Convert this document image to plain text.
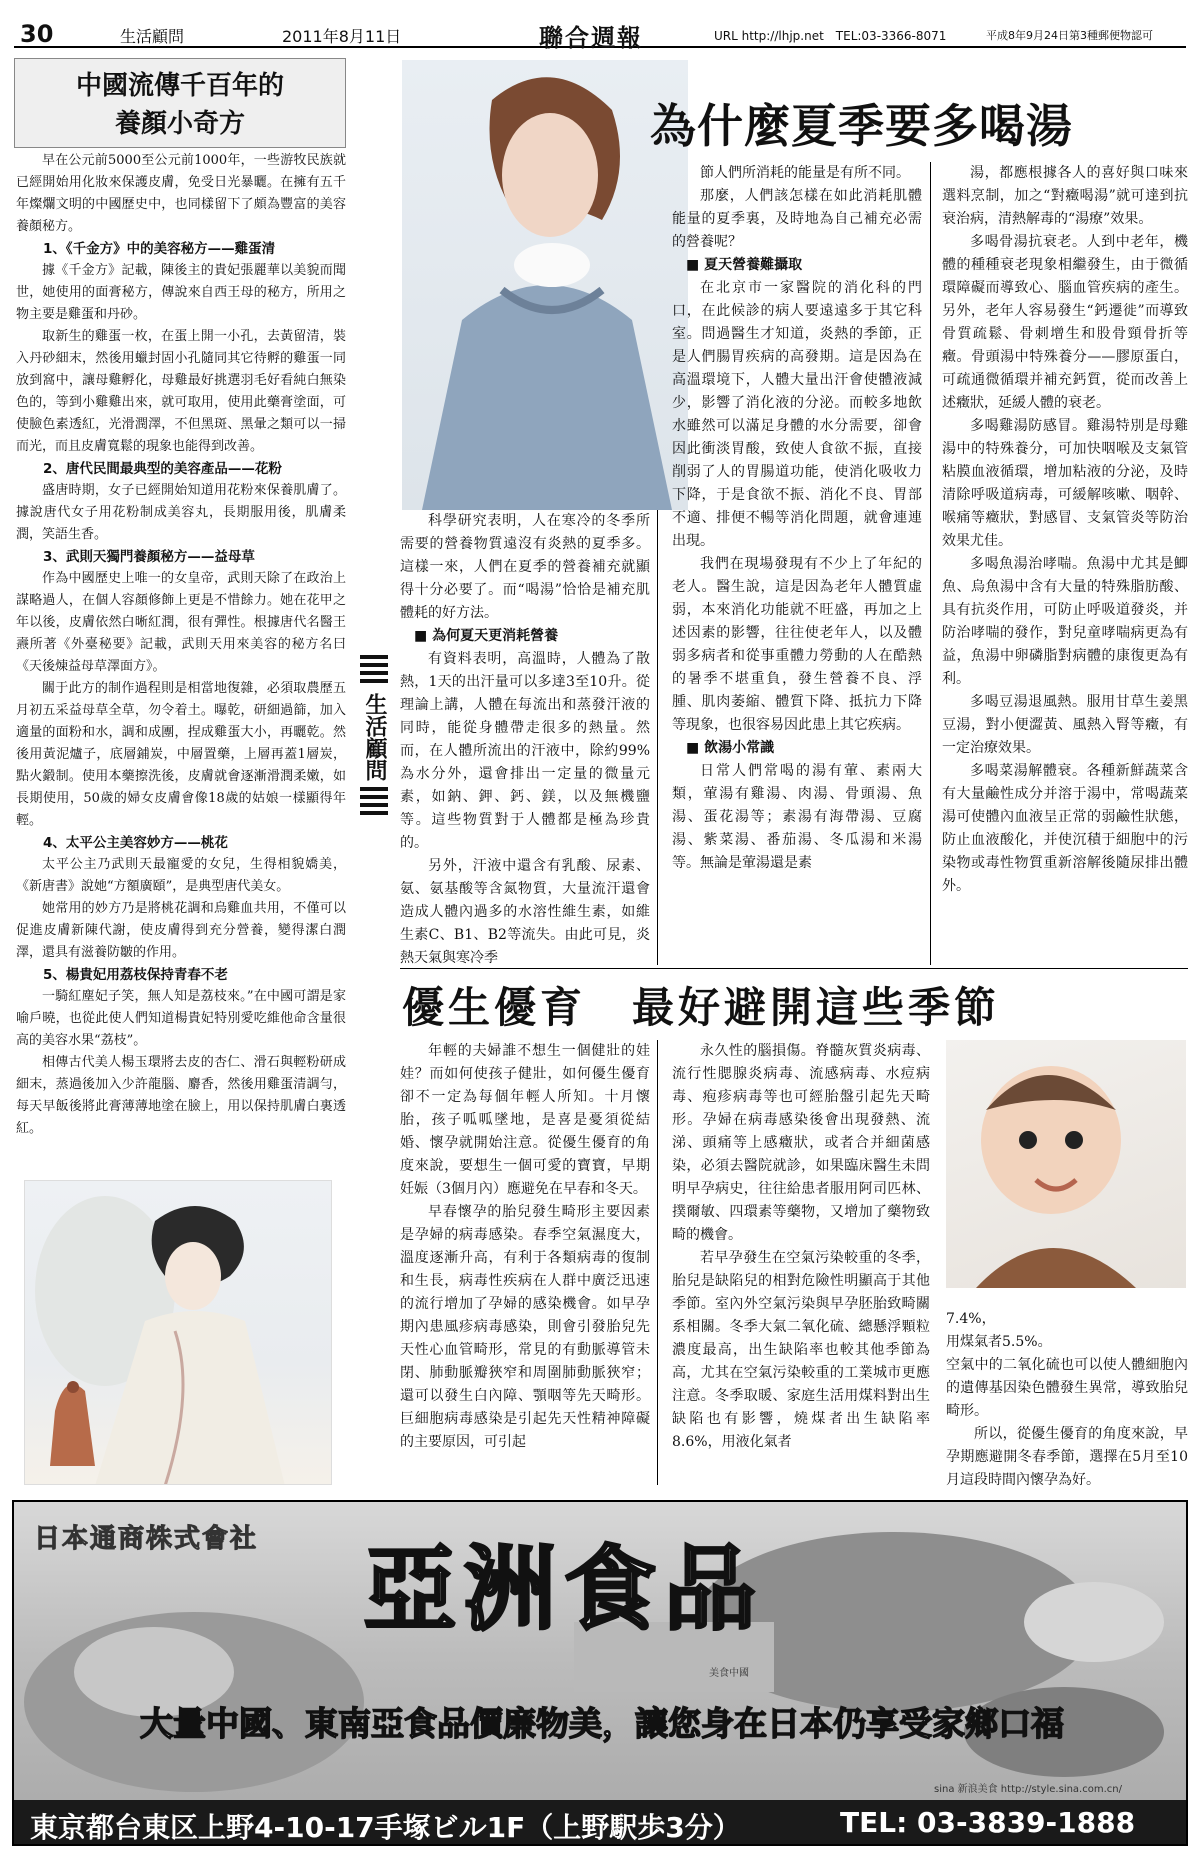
30	生活顧問	2011年8月11日	聯合週報	URL http://lhjp.net　TEL:03-3366-8071	平成8年9月24日第3種郵便物認可
中國流傳千百年的
養顏小奇方

早在公元前5000至公元前1000年，一些游牧民族就已經開始用化妝來保護皮膚，免受日光暴曬。在擁有五千年燦爛文明的中國歷史中，也同樣留下了頗為豐富的美容養顏秘方。

1、《千金方》中的美容秘方——雞蛋清

據《千金方》記載，陳後主的貴妃張麗華以美貌而聞世，她使用的面膏秘方，傳說來自西王母的秘方，所用之物主要是雞蛋和丹砂。

取新生的雞蛋一枚，在蛋上開一小孔，去黃留清，裝入丹砂細末，然後用蠟封固小孔隨同其它待孵的雞蛋一同放到窩中，讓母雞孵化，母雞最好挑選羽毛好看純白無染色的，等到小雞雞出來，就可取用，使用此藥膏塗面，可使臉色素透紅，光滑潤澤，不但黑斑、黑暈之類可以一掃而光，而且皮膚寬鬆的現象也能得到改善。

2、唐代民間最典型的美容產品——花粉

盛唐時期，女子已經開始知道用花粉來保養肌膚了。據說唐代女子用花粉制成美容丸，長期服用後，肌膚柔潤，笑語生香。

3、武則天獨門養顏秘方——益母草

作為中國歷史上唯一的女皇帝，武則天除了在政治上謀略過人，在個人容顏修飾上更是不惜餘力。她在花甲之年以後，皮膚依然白晰紅潤，很有彈性。根據唐代名醫王燾所著《外臺秘要》記載，武則天用來美容的秘方名曰《天後煉益母草澤面方》。

關于此方的制作過程則是相當地復雜，必須取農歷五月初五采益母草全草，勿令着土。曝乾，研細過篩，加入適量的面粉和水，調和成團，捏成雞蛋大小，再曬乾。然後用黃泥爐子，底層鋪炭，中層置藥，上層再蓋1層炭，點火鍛制。使用本藥擦洗後，皮膚就會逐漸滑潤柔嫩，如長期使用，50歲的婦女皮膚會像18歲的姑娘一樣顯得年輕。

4、太平公主美容妙方——桃花

太平公主乃武則天最寵愛的女兒，生得相貌嬌美，《新唐書》說她“方額廣頤”，是典型唐代美女。

她常用的妙方乃是將桃花調和烏雞血共用，不僅可以促進皮膚新陳代謝，使皮膚得到充分營養，變得潔白潤澤，還具有滋養防皺的作用。

5、楊貴妃用荔枝保持青春不老

一騎紅塵妃子笑，無人知是荔枝來。”在中國可謂是家喻戶曉，也從此使人們知道楊貴妃特別愛吃維他命含量很高的美容水果“荔枝”。

相傳古代美人楊玉環將去皮的杏仁、滑石與輕粉研成細末，蒸過後加入少許龍腦、麝香，然後用雞蛋清調勻，每天早飯後將此膏薄薄地塗在臉上，用以保持肌膚白裏透紅。

生活顧問
為什麼夏季要多喝湯

科學研究表明，人在寒冷的冬季所需要的營養物質遠沒有炎熱的夏季多。這樣一來，人們在夏季的營養補充就顯得十分必要了。而“喝湯”恰恰是補充肌體耗的好方法。

■ 為何夏天更消耗營養

有資料表明，高溫時，人體為了散熱，1天的出汗量可以多達3至10升。從理論上講，人體在每流出和蒸發汗液的同時，能從身體帶走很多的熱量。然而，在人體所流出的汗液中，除約99%為水分外，還會排出一定量的微量元素，如鈉、鉀、鈣、鎂，以及無機鹽等。這些物質對于人體都是極為珍貴的。

另外，汗液中還含有乳酸、尿素、氨、氨基酸等含氮物質，大量流汗還會造成人體內過多的水溶性維生素，如維生素C、B1、B2等流失。由此可見，炎熱天氣與寒冷季

節人們所消耗的能量是有所不同。

那麼，人們該怎樣在如此消耗肌體能量的夏季裏，及時地為自己補充必需的營養呢？

■ 夏天營養難攝取

在北京市一家醫院的消化科的門口，在此候診的病人要遠遠多于其它科室。問過醫生才知道，炎熱的季節，正是人們腸胃疾病的高發期。這是因為在高溫環境下，人體大量出汗會使體液減少，影響了消化液的分泌。而較多地飲水雖然可以滿足身體的水分需要，卻會因此衝淡胃酸，致使人食欲不振，直接削弱了人的胃腸道功能，使消化吸收力下降，于是食欲不振、消化不良、胃部不適、排便不暢等消化問題，就會連連出現。

我們在現場發現有不少上了年紀的老人。醫生說，這是因為老年人體質虛弱，本來消化功能就不旺盛，再加之上述因素的影響，往往使老年人，以及體弱多病者和從事重體力勞動的人在酷熱的暑季不堪重負，發生營養不良、浮腫、肌肉萎縮、體質下降、抵抗力下降等現象，也很容易因此患上其它疾病。

■ 飲湯小常識

日常人們常喝的湯有葷、素兩大類，葷湯有雞湯、肉湯、骨頭湯、魚湯、蛋花湯等；素湯有海帶湯、豆腐湯、紫菜湯、番茄湯、冬瓜湯和米湯等。無論是葷湯還是素

湯，都應根據各人的喜好與口味來選料烹制，加之“對癥喝湯”就可達到抗衰治病，清熱解毒的“湯療”效果。

多喝骨湯抗衰老。人到中老年，機體的種種衰老現象相繼發生，由于微循環障礙而導致心、腦血管疾病的產生。另外，老年人容易發生“鈣遷徙”而導致骨質疏鬆、骨刺增生和股骨頸骨折等癥。骨頭湯中特殊養分——膠原蛋白，可疏通微循環并補充鈣質，從而改善上述癥狀，延緩人體的衰老。

多喝雞湯防感冒。雞湯特別是母雞湯中的特殊養分，可加快咽喉及支氣管粘膜血液循環，增加粘液的分泌，及時清除呼吸道病毒，可緩解咳嗽、咽幹、喉痛等癥狀，對感冒、支氣管炎等防治效果尤佳。

多喝魚湯治哮喘。魚湯中尤其是鯽魚、烏魚湯中含有大量的特殊脂肪酸、具有抗炎作用，可防止呼吸道發炎，并防治哮喘的發作，對兒童哮喘病更為有益，魚湯中卵磷脂對病體的康復更為有利。

多喝豆湯退風熱。服用甘草生姜黑豆湯，對小便澀黃、風熱入腎等癥，有一定治療效果。

多喝菜湯解體衰。各種新鮮蔬菜含有大量鹼性成分并溶于湯中，常喝蔬菜湯可使體內血液呈正常的弱鹼性狀態，防止血液酸化，并使沉積于細胞中的污染物或毒性物質重新溶解後隨尿排出體外。

優生優育　最好避開這些季節

年輕的夫婦誰不想生一個健壯的娃娃？而如何使孩子健壯，如何優生優育卻不一定為每個年輕人所知。十月懷胎，孩子呱呱墜地，是喜是憂須從結婚、懷孕就開始注意。從優生優育的角度來說，要想生一個可愛的寶寶，早期妊娠（3個月內）應避免在早春和冬天。

早春懷孕的胎兒發生畸形主要因素是孕婦的病毒感染。春季空氣濕度大，溫度逐漸升高，有利于各類病毒的復制和生長，病毒性疾病在人群中廣泛迅速的流行增加了孕婦的感染機會。如早孕期內患風疹病毒感染，則會引發胎兒先天性心血管畸形，常見的有動脈導管未閉、肺動脈瓣狹窄和周圍肺動脈狹窄；還可以發生白內障、顎咽等先天畸形。巨細胞病毒感染是引起先天性精神障礙的主要原因，可引起

永久性的腦損傷。脊髓灰質炎病毒、流行性腮腺炎病毒、流感病毒、水痘病毒、疱疹病毒等也可經胎盤引起先天畸形。孕婦在病毒感染後會出現發熱、流涕、頭痛等上感癥狀，或者合并細菌感染，必須去醫院就診，如果臨床醫生未問明早孕病史，往往給患者服用阿司匹林、撲爾敏、四環素等藥物，又增加了藥物致畸的機會。

若早孕發生在空氣污染較重的冬季，胎兒是缺陷兒的相對危險性明顯高于其他季節。室內外空氣污染與早孕胚胎致畸關系相關。冬季大氣二氧化硫、總懸浮顆粒濃度最高，出生缺陷率也較其他季節為高，尤其在空氣污染較重的工業城市更應注意。冬季取暖、家庭生活用煤料對出生缺陷也有影響，燒煤者出生缺陷率8.6%，用液化氣者

7.4%，
用煤氣者5.5%。
空氣中的二氧化硫也可以使人體細胞內的遺傳基因染色體發生異常，導致胎兒畸形。

所以，從優生優育的角度來說，早孕期應避開冬春季節，選擇在5月至10月這段時間內懷孕為好。

日本通商株式會社 亞洲食品
美食中國
大量中國、東南亞食品價廉物美，讓您身在日本仍享受家鄉口福
sina 新浪美食 http://style.sina.com.cn/
東京都台東区上野4-10-17手塚ビル1F（上野駅歩3分）	TEL: 03-3839-1888
